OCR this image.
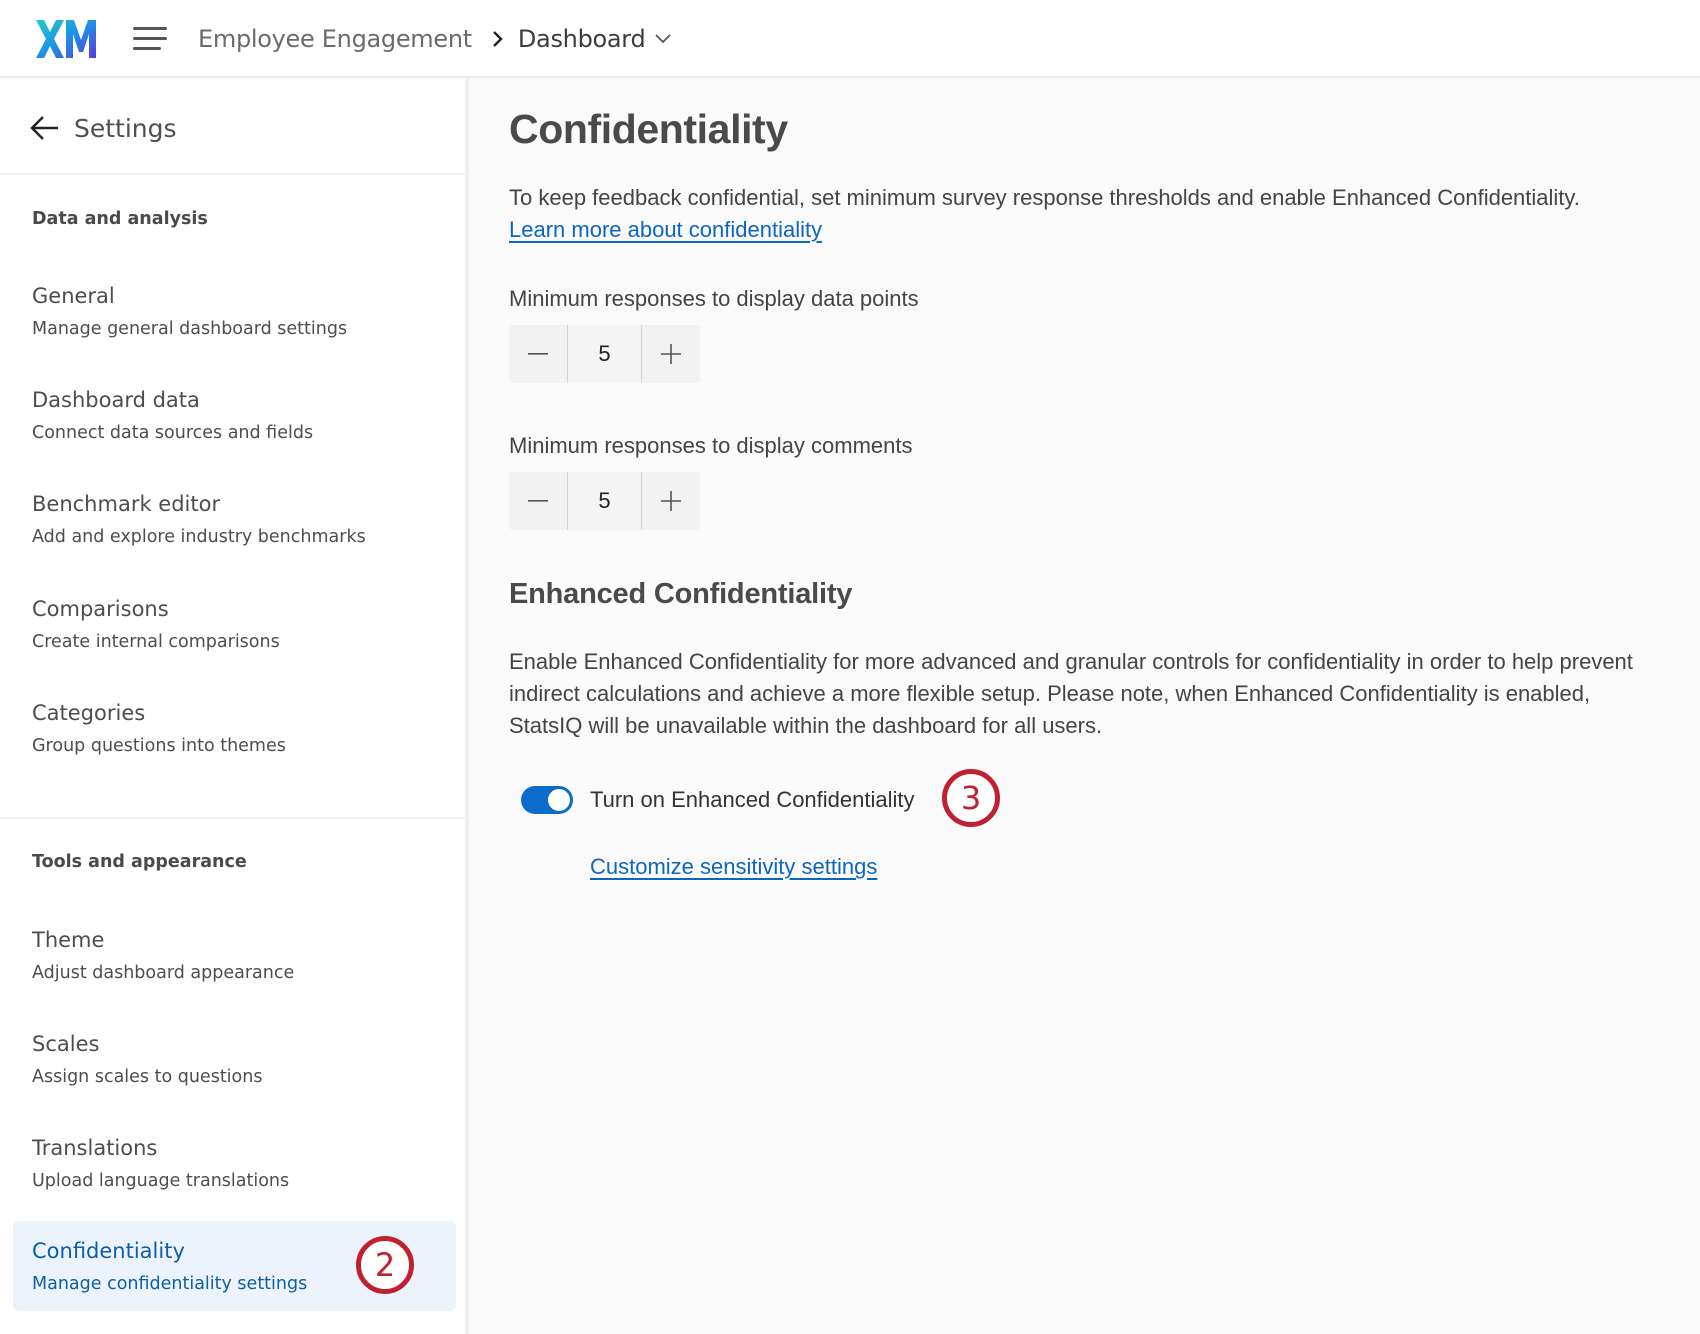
Employee Engagement Dashboard
Settings
Data and analysis
General
Manage general dashboard settings
Dashboard data
Connect data sources and fields
Benchmark editor
Add and explore industry benchmarks
Comparisons
Create internal comparisons
Categories
Group questions into themes
Tools and appearance
Theme
Adjust dashboard appearance
Scales
Assign scales to questions
Translations
Upload language translations
Confidentiality
Manage confidentiality settings	2
Confidentiality

To keep feedback confidential, set minimum survey response thresholds and enable Enhanced Confidentiality. Learn more about confidentiality

Minimum responses to display data points
5
Minimum responses to display comments
5
Enhanced Confidentiality

Enable Enhanced Confidentiality for more advanced and granular controls for confidentiality in order to help prevent indirect calculations and achieve a more flexible setup. Please note, when Enhanced Confidentiality is enabled, StatsIQ will be unavailable within the dashboard for all users.

Turn on Enhanced Confidentiality	3
Customize sensitivity settings
